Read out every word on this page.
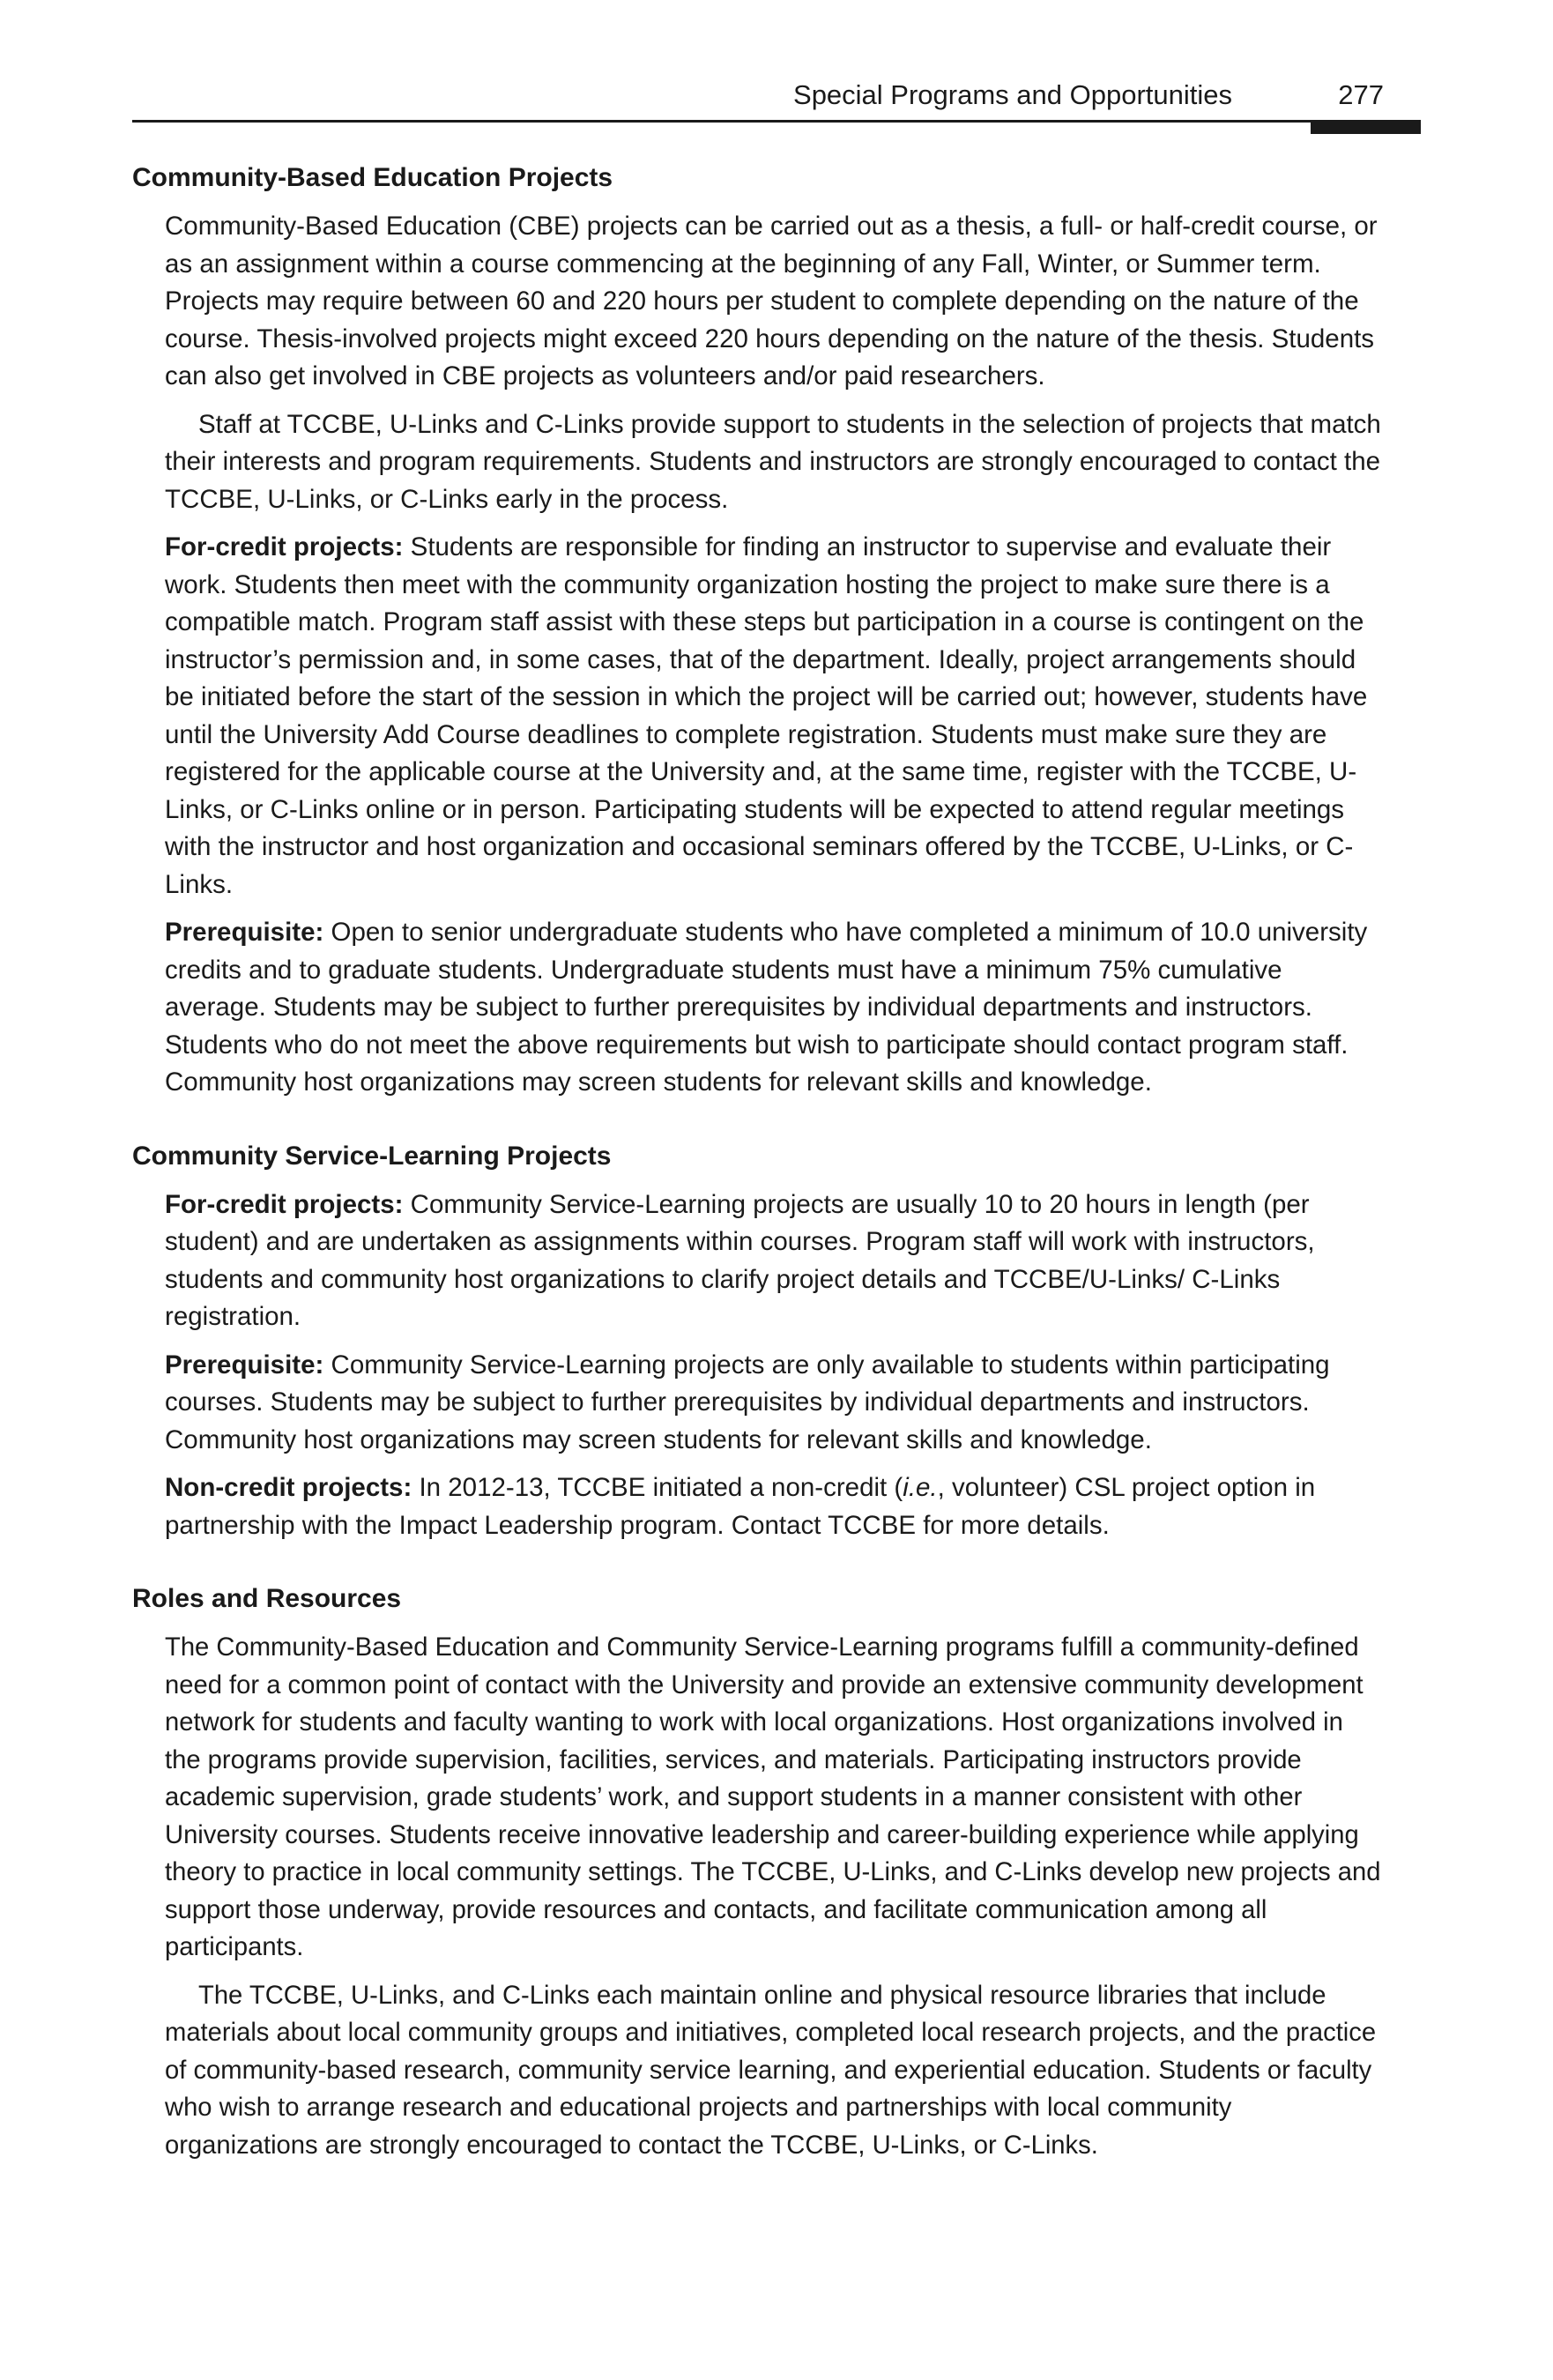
Special Programs and Opportunities	277
Community-Based Education Projects

Community-Based Education (CBE) projects can be carried out as a thesis, a full- or half-credit course, or as an assignment within a course commencing at the beginning of any Fall, Winter, or Summer term. Projects may require between 60 and 220 hours per student to complete depending on the nature of the course. Thesis-involved projects might exceed 220 hours depending on the nature of the thesis. Students can also get involved in CBE projects as volunteers and/or paid researchers.

Staff at TCCBE, U-Links and C-Links provide support to students in the selection of projects that match their interests and program requirements. Students and instructors are strongly encouraged to contact the TCCBE, U-Links, or C-Links early in the process.

For-credit projects: Students are responsible for finding an instructor to supervise and evaluate their work. Students then meet with the community organization hosting the project to make sure there is a compatible match. Program staff assist with these steps but participation in a course is contingent on the instructor’s permission and, in some cases, that of the department. Ideally, project arrangements should be initiated before the start of the session in which the project will be carried out; however, students have until the University Add Course deadlines to complete registration. Students must make sure they are registered for the applicable course at the University and, at the same time, register with the TCCBE, U-Links, or C-Links online or in person. Participating students will be expected to attend regular meetings with the instructor and host organization and occasional seminars offered by the TCCBE, U-Links, or C-Links.

Prerequisite: Open to senior undergraduate students who have completed a minimum of 10.0 university credits and to graduate students. Undergraduate students must have a minimum 75% cumulative average. Students may be subject to further prerequisites by individual departments and instructors. Students who do not meet the above requirements but wish to participate should contact program staff. Community host organizations may screen students for relevant skills and knowledge.

Community Service-Learning Projects

For-credit projects: Community Service-Learning projects are usually 10 to 20 hours in length (per student) and are undertaken as assignments within courses. Program staff will work with instructors, students and community host organizations to clarify project details and TCCBE/U-Links/ C-Links registration.

Prerequisite: Community Service-Learning projects are only available to students within participating courses. Students may be subject to further prerequisites by individual departments and instructors. Community host organizations may screen students for relevant skills and knowledge.

Non-credit projects: In 2012-13, TCCBE initiated a non-credit (i.e., volunteer) CSL project option in partnership with the Impact Leadership program. Contact TCCBE for more details.

Roles and Resources

The Community-Based Education and Community Service-Learning programs fulfill a community-defined need for a common point of contact with the University and provide an extensive community development network for students and faculty wanting to work with local organizations. Host organizations involved in the programs provide supervision, facilities, services, and materials. Participating instructors provide academic supervision, grade students’ work, and support students in a manner consistent with other University courses. Students receive innovative leadership and career-building experience while applying theory to practice in local community settings. The TCCBE, U-Links, and C-Links develop new projects and support those underway, provide resources and contacts, and facilitate communication among all participants.

The TCCBE, U-Links, and C-Links each maintain online and physical resource libraries that include materials about local community groups and initiatives, completed local research projects, and the practice of community-based research, community service learning, and experiential education. Students or faculty who wish to arrange research and educational projects and partnerships with local community organizations are strongly encouraged to contact the TCCBE, U-Links, or C-Links.
